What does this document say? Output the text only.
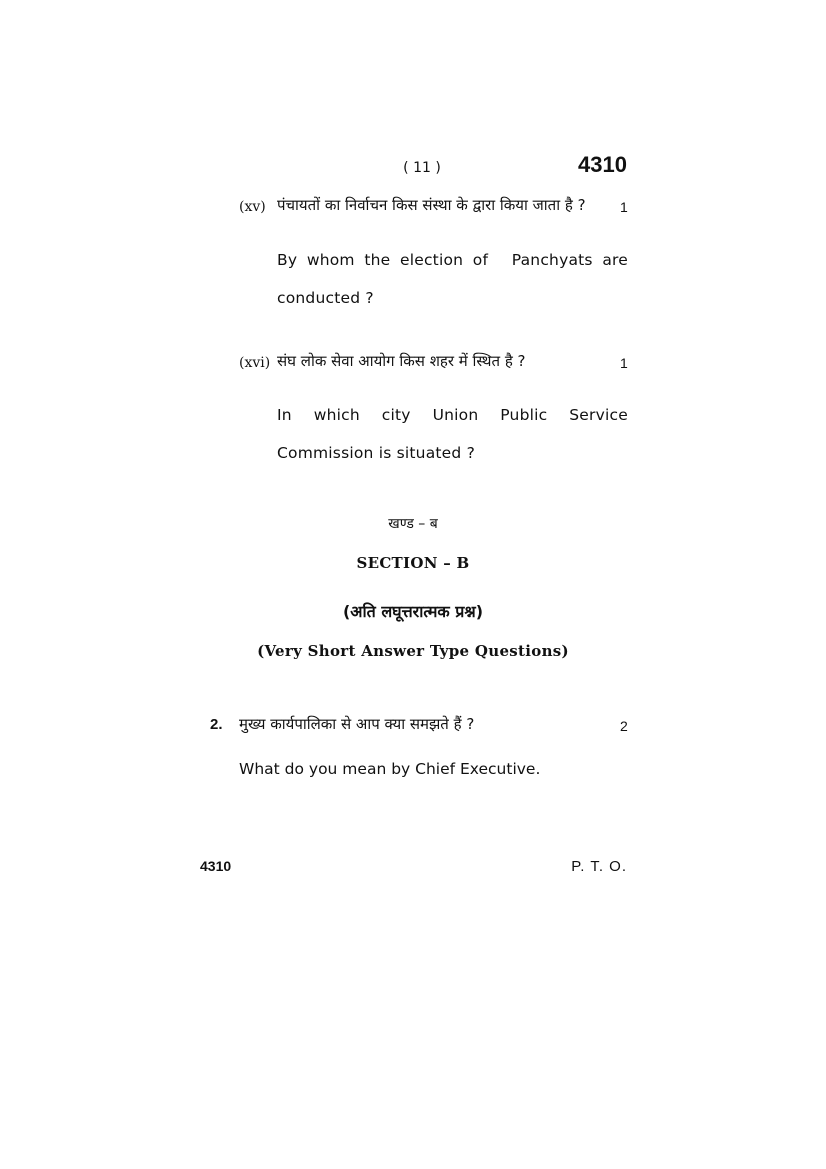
( 11 )	4310
(xv) पंचायतों का निर्वाचन किस संस्था के द्वारा किया जाता है ? 1
By whom the election of Panchyats are
conducted ?
(xvi) संघ लोक सेवा आयोग किस शहर में स्थित है ?	1
In which city Union Public Service
Commission is situated ?
खण्ड – ब
SECTION – B
(अति लघूत्तरात्मक प्रश्न)
(Very Short Answer Type Questions)
2. मुख्य कार्यपालिका से आप क्या समझते हैं ?	2
What do you mean by Chief Executive.
4310	P. T. O.
